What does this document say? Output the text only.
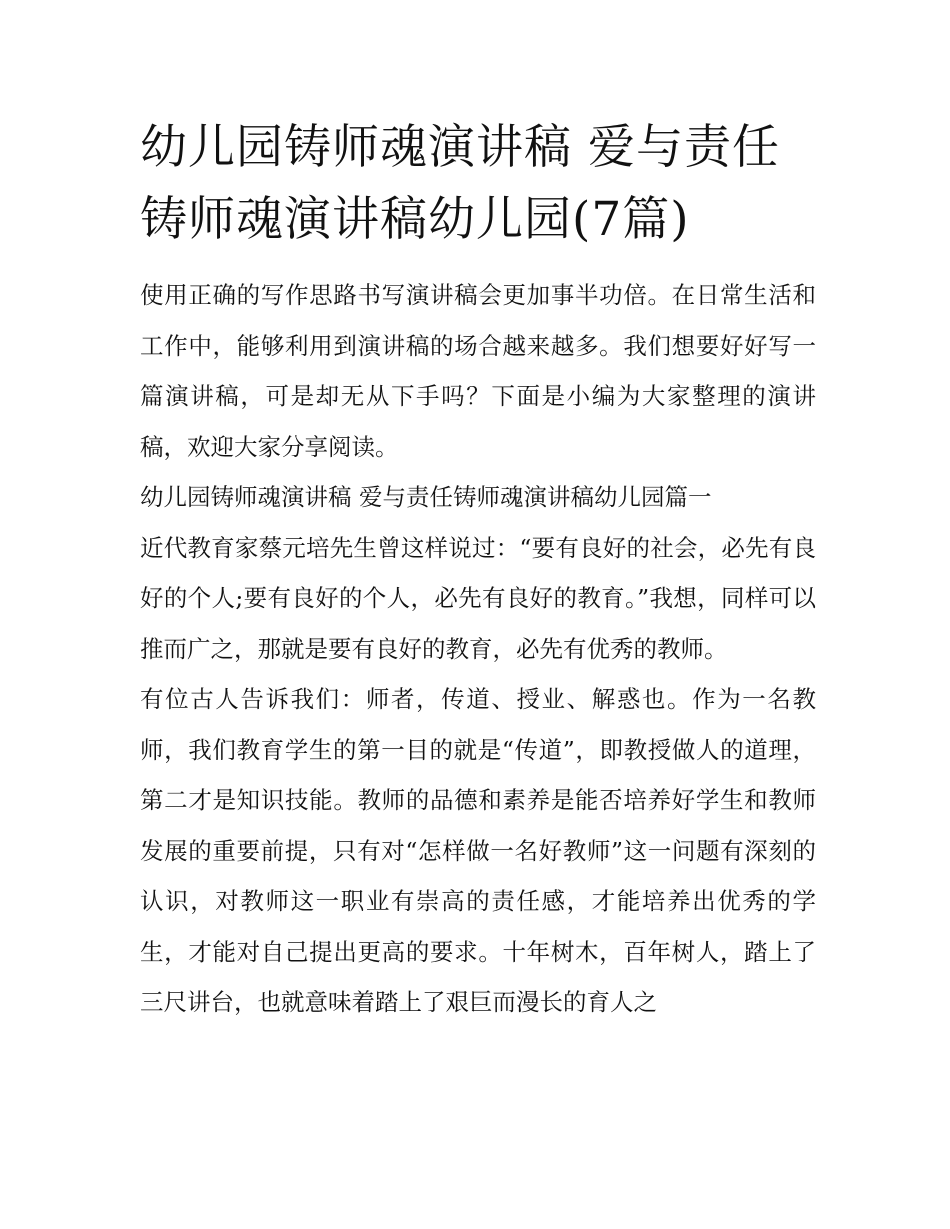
幼儿园铸师魂演讲稿 爱与责任铸师魂演讲稿幼儿园(7篇)

使用正确的写作思路书写演讲稿会更加事半功倍。在日常生活和工作中，能够利用到演讲稿的场合越来越多。我们想要好好写一篇演讲稿，可是却无从下手吗？下面是小编为大家整理的演讲稿，欢迎大家分享阅读。

幼儿园铸师魂演讲稿 爱与责任铸师魂演讲稿幼儿园篇一

近代教育家蔡元培先生曾这样说过：“要有良好的社会，必先有良好的个人;要有良好的个人，必先有良好的教育。”我想，同样可以推而广之，那就是要有良好的教育，必先有优秀的教师。

有位古人告诉我们：师者，传道、授业、解惑也。作为一名教师，我们教育学生的第一目的就是“传道”，即教授做人的道理，第二才是知识技能。教师的品德和素养是能否培养好学生和教师发展的重要前提，只有对“怎样做一名好教师”这一问题有深刻的认识，对教师这一职业有崇高的责任感，才能培养出优秀的学生，才能对自己提出更高的要求。十年树木，百年树人，踏上了三尺讲台，也就意味着踏上了艰巨而漫长的育人之
